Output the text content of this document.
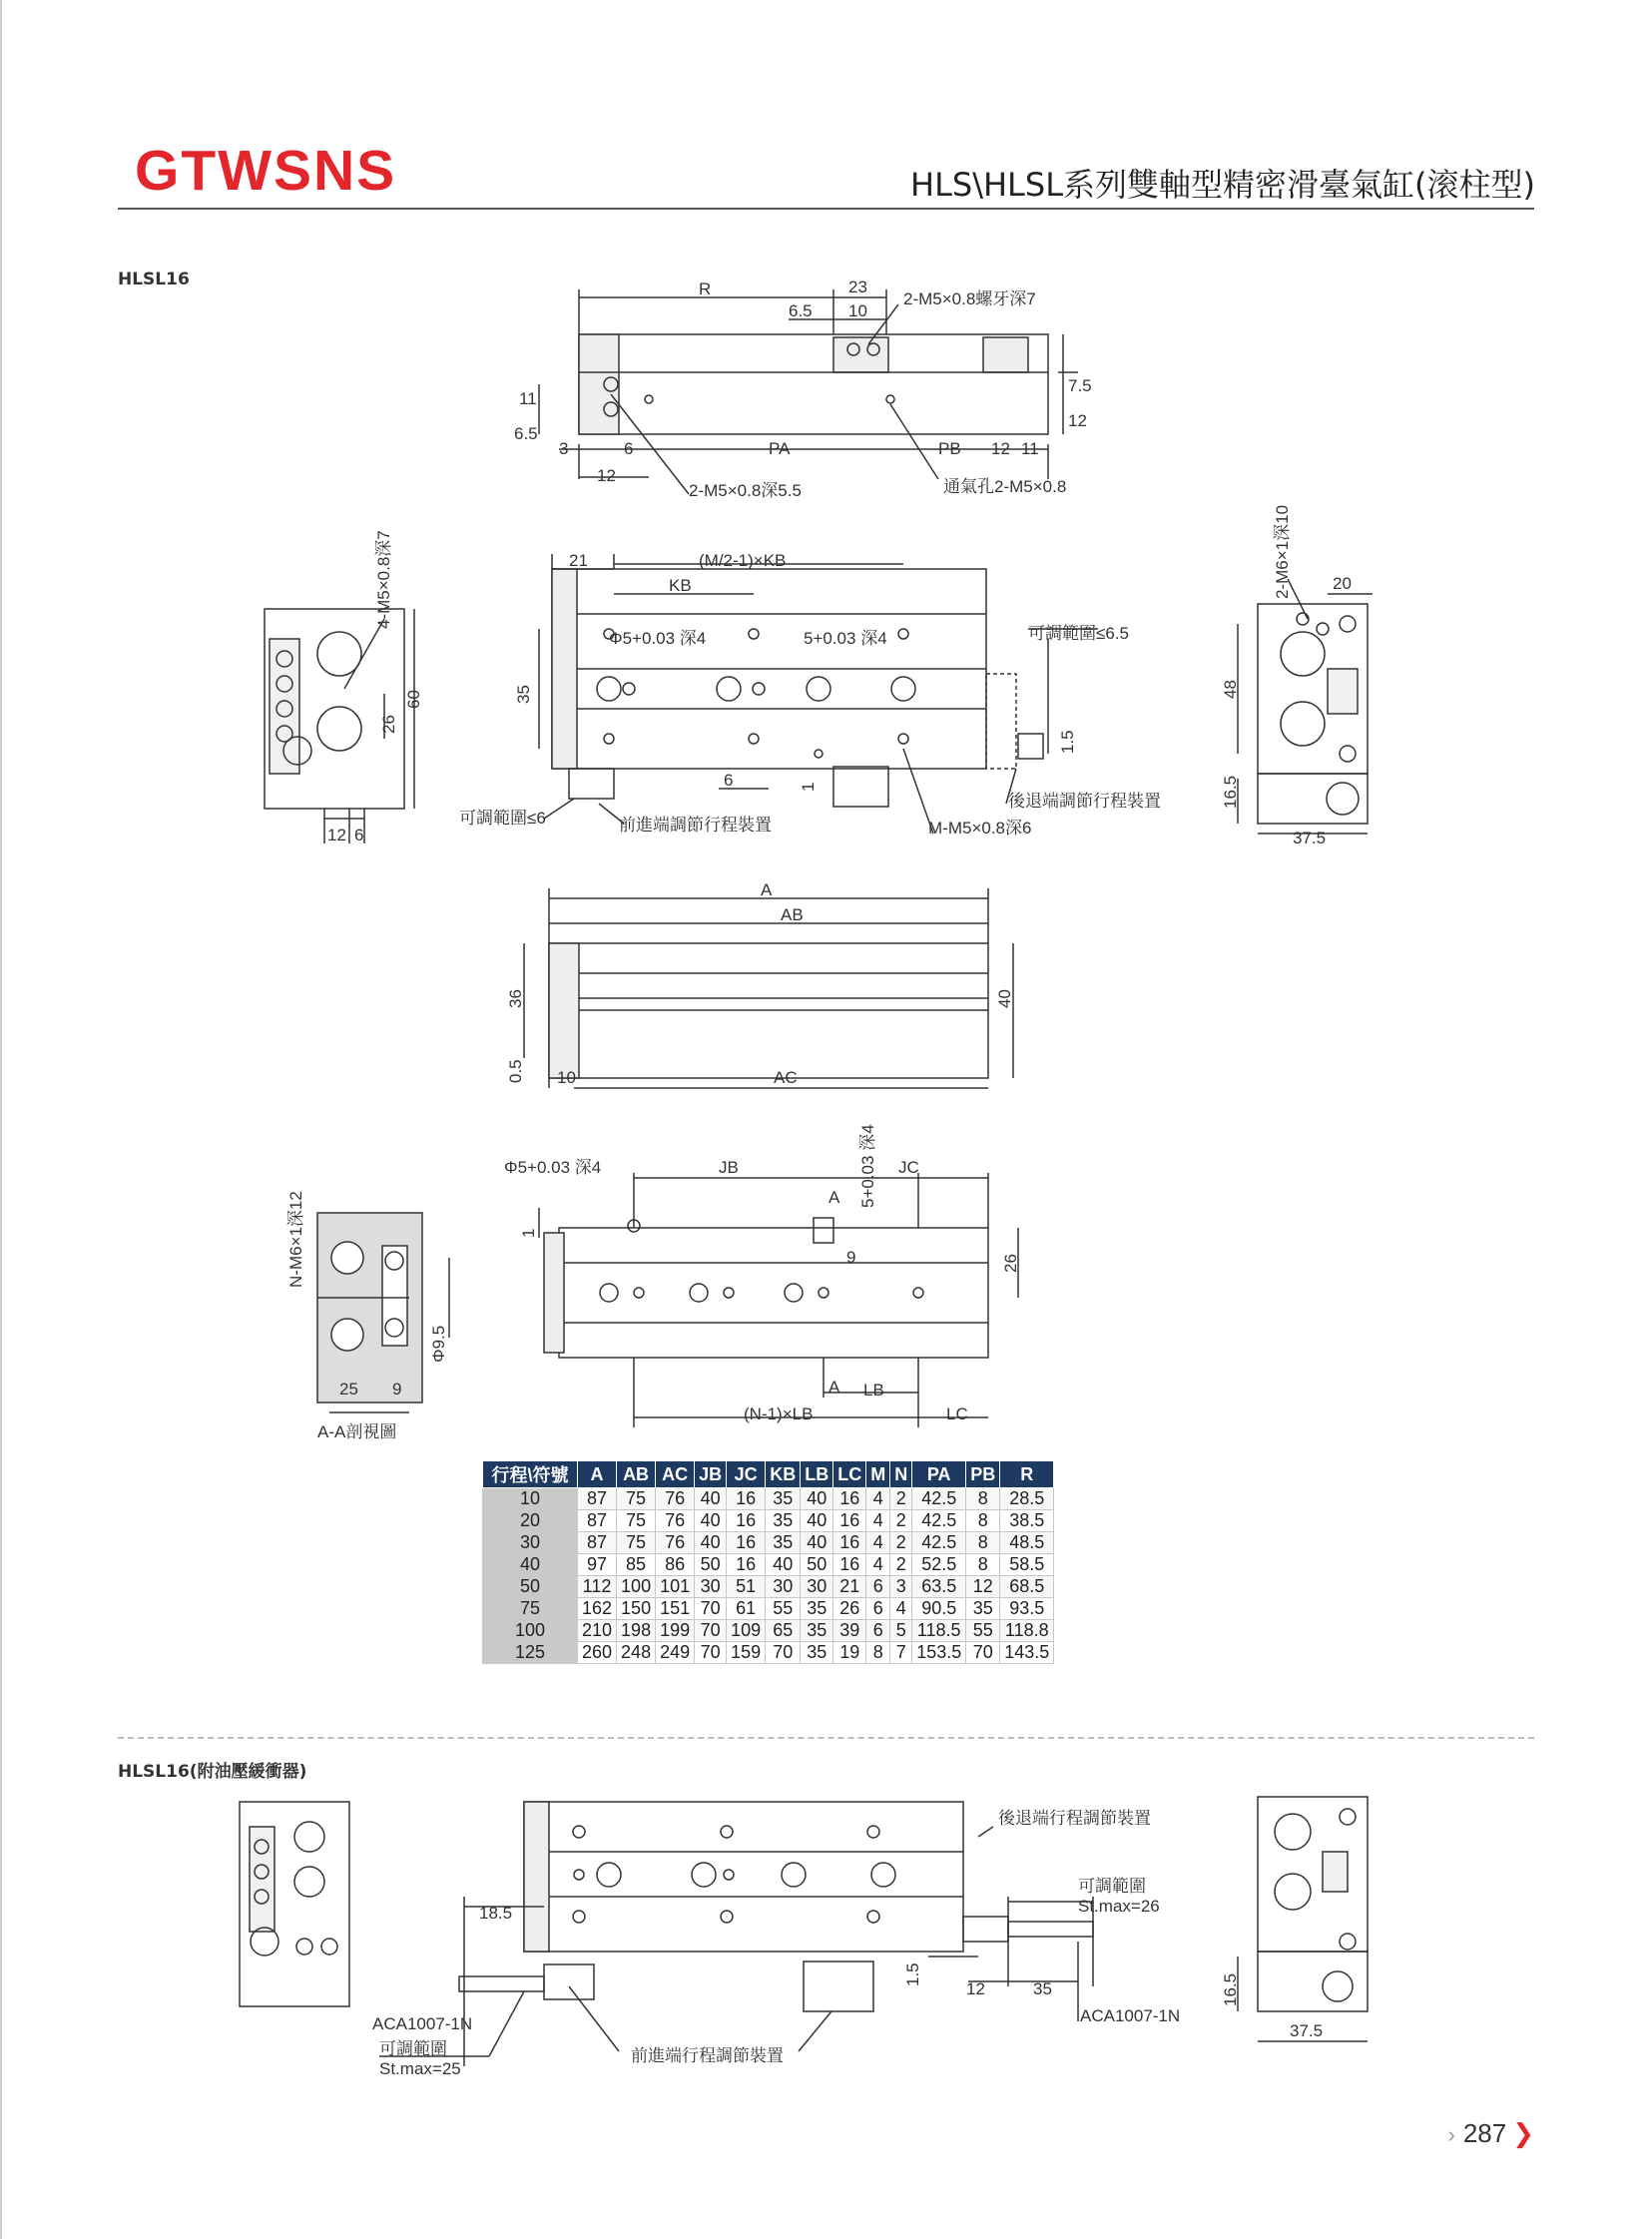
GTWSNS	HLS\HLSL系列雙軸型精密滑臺氣缸(滚柱型)
HLSL16	R	23
6.5 10
2-M5×0.8螺牙深7
7.5
12
11
6.5
3	6	PA	PB 12 11
12
2-M5×0.8深5.5	通氣孔2-M5×0.8
4-M5×0.8深7
60
26
12 6
21	(M/2-1)×KB
KB
Φ5+0.03 深4	5+0.03 深4	可調範圍≤6.5
35
6	1
1.5
後退端調節行程裝置
M-M5×0.8深6
可調範圍≤6	前進端調節行程裝置
2-M6×1深10 20
48
16.5
37.5
A
AB
AC
36	40
0.5 10
Φ5+0.03 深4	JB	JC
5+0.03 深4
A
1
9	26
A LB
(N-1)×LB	LC
N-M6×1深12
25 9
Φ9.5
A-A剖視圖
後退端行程調節裝置
可調範圍
St.max=26
18.5
1.5
12	35
ACA1007-1N
ACA1007-1N
可調範圍
St.max=25
前進端行程調節裝置
16.5
37.5
行程\符號	A	AB	AC	JB	JC	KB	LB	LC	M	N	PA	PB	R
10	87	75	76	40	16	35	40	16	4	2	42.5	8	28.5
20	87	75	76	40	16	35	40	16	4	2	42.5	8	38.5
30	87	75	76	40	16	35	40	16	4	2	42.5	8	48.5
40	97	85	86	50	16	40	50	16	4	2	52.5	8	58.5
50	112	100	101	30	51	30	30	21	6	3	63.5	12	68.5
75	162	150	151	70	61	55	35	26	6	4	90.5	35	93.5
100	210	198	199	70	109	65	35	39	6	5	118.5	55	118.8
125	260	248	249	70	159	70	35	19	8	7	153.5	70	143.5
HLSL16(附油壓緩衝器)
› 287 ❯
